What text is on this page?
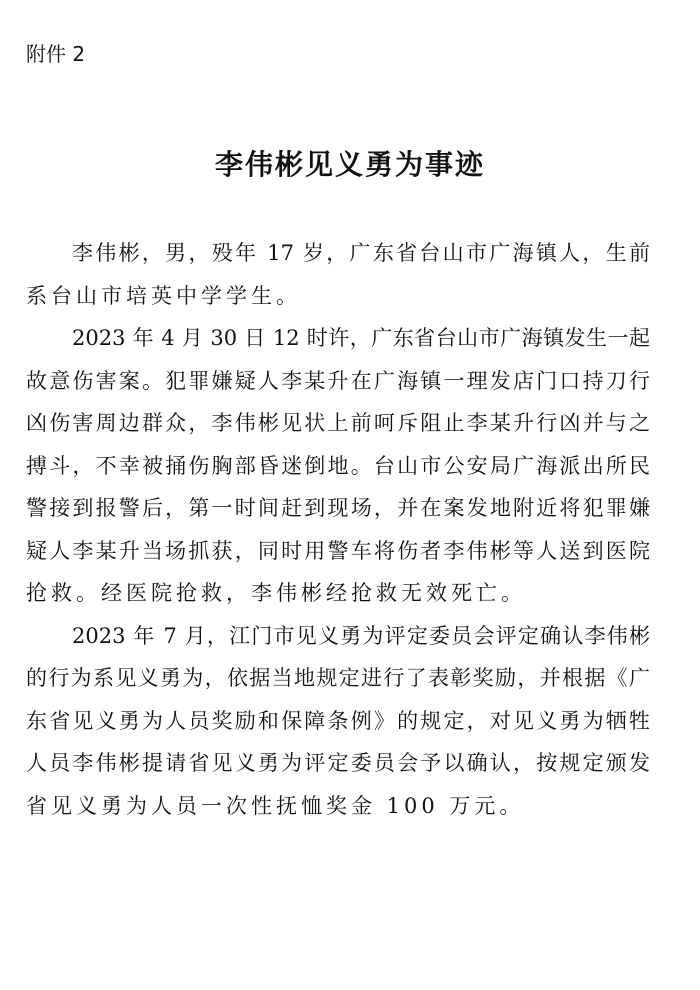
附件 2
李伟彬见义勇为事迹
李伟彬，男，殁年 17 岁，广东省台山市广海镇人，生前
系台山市培英中学学生。
2023 年 4 月 30 日 12 时许，广东省台山市广海镇发生一起
故意伤害案。犯罪嫌疑人李某升在广海镇一理发店门口持刀行
凶伤害周边群众，李伟彬见状上前呵斥阻止李某升行凶并与之
搏斗，不幸被捅伤胸部昏迷倒地。台山市公安局广海派出所民
警接到报警后，第一时间赶到现场，并在案发地附近将犯罪嫌
疑人李某升当场抓获，同时用警车将伤者李伟彬等人送到医院
抢救。经医院抢救，李伟彬经抢救无效死亡。
2023 年 7 月，江门市见义勇为评定委员会评定确认李伟彬
的行为系见义勇为，依据当地规定进行了表彰奖励，并根据《广
东省见义勇为人员奖励和保障条例》的规定，对见义勇为牺牲
人员李伟彬提请省见义勇为评定委员会予以确认，按规定颁发
省见义勇为人员一次性抚恤奖金 100 万元。
